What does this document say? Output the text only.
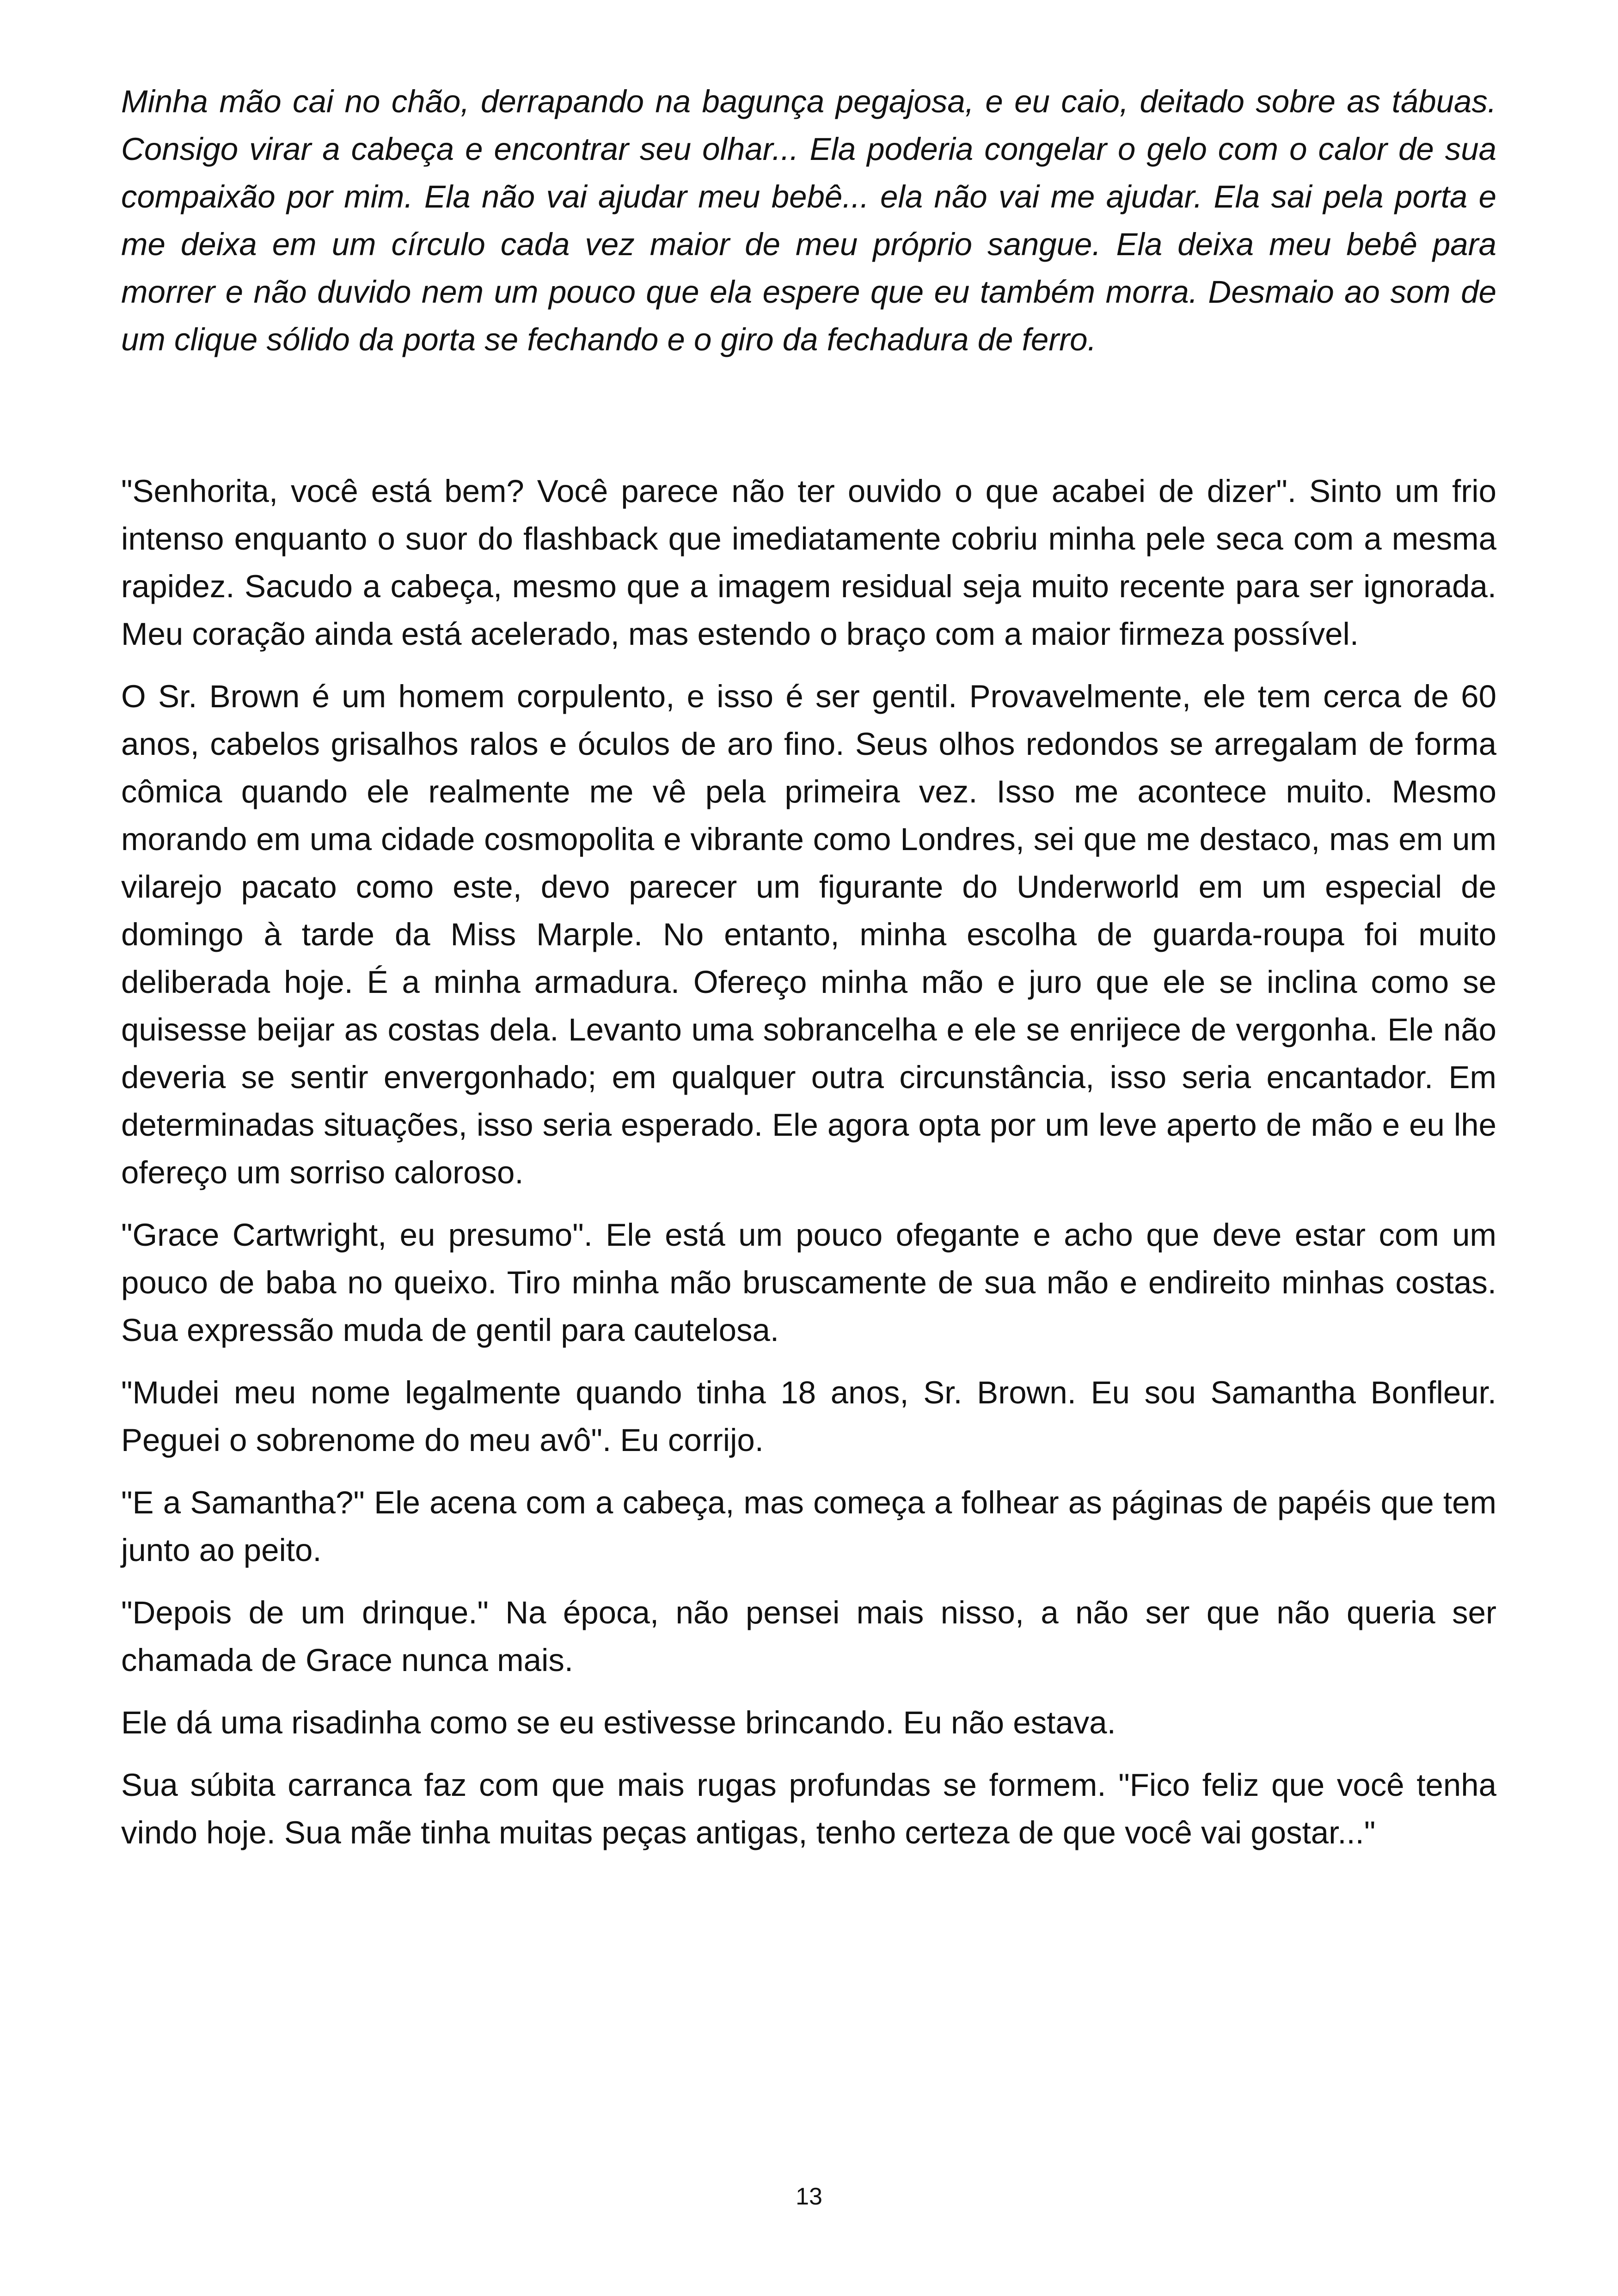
Minha mão cai no chão, derrapando na bagunça pegajosa, e eu caio, deitado sobre as tábuas. Consigo virar a cabeça e encontrar seu olhar... Ela poderia congelar o gelo com o calor de sua compaixão por mim. Ela não vai ajudar meu bebê... ela não vai me ajudar. Ela sai pela porta e me deixa em um círculo cada vez maior de meu próprio sangue. Ela deixa meu bebê para morrer e não duvido nem um pouco que ela espere que eu também morra. Desmaio ao som de um clique sólido da porta se fechando e o giro da fechadura de ferro.

"Senhorita, você está bem? Você parece não ter ouvido o que acabei de dizer". Sinto um frio intenso enquanto o suor do flashback que imediatamente cobriu minha pele seca com a mesma rapidez. Sacudo a cabeça, mesmo que a imagem residual seja muito recente para ser ignorada. Meu coração ainda está acelerado, mas estendo o braço com a maior firmeza possível.

O Sr. Brown é um homem corpulento, e isso é ser gentil. Provavelmente, ele tem cerca de 60 anos, cabelos grisalhos ralos e óculos de aro fino. Seus olhos redondos se arregalam de forma cômica quando ele realmente me vê pela primeira vez. Isso me acontece muito. Mesmo morando em uma cidade cosmopolita e vibrante como Londres, sei que me destaco, mas em um vilarejo pacato como este, devo parecer um figurante do Underworld em um especial de domingo à tarde da Miss Marple. No entanto, minha escolha de guarda-roupa foi muito deliberada hoje. É a minha armadura. Ofereço minha mão e juro que ele se inclina como se quisesse beijar as costas dela. Levanto uma sobrancelha e ele se enrijece de vergonha. Ele não deveria se sentir envergonhado; em qualquer outra circunstância, isso seria encantador. Em determinadas situações, isso seria esperado. Ele agora opta por um leve aperto de mão e eu lhe ofereço um sorriso caloroso.

"Grace Cartwright, eu presumo". Ele está um pouco ofegante e acho que deve estar com um pouco de baba no queixo. Tiro minha mão bruscamente de sua mão e endireito minhas costas. Sua expressão muda de gentil para cautelosa.

"Mudei meu nome legalmente quando tinha 18 anos, Sr. Brown. Eu sou Samantha Bonfleur. Peguei o sobrenome do meu avô". Eu corrijo.

"E a Samantha?" Ele acena com a cabeça, mas começa a folhear as páginas de papéis que tem junto ao peito.

"Depois de um drinque." Na época, não pensei mais nisso, a não ser que não queria ser chamada de Grace nunca mais.

Ele dá uma risadinha como se eu estivesse brincando. Eu não estava.

Sua súbita carranca faz com que mais rugas profundas se formem. "Fico feliz que você tenha vindo hoje. Sua mãe tinha muitas peças antigas, tenho certeza de que você vai gostar..."

13
